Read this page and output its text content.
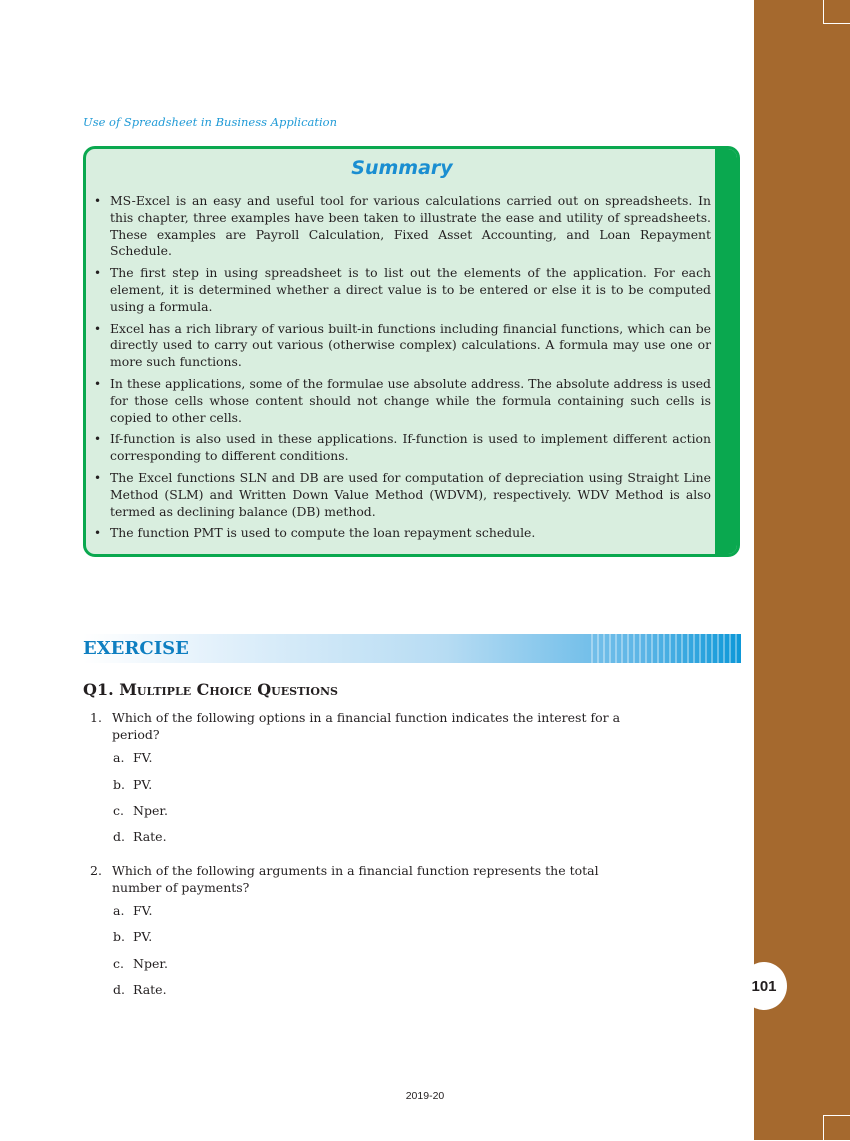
101
Use of Spreadsheet in Business Application
Summary
• MS-Excel is an easy and useful tool for various calculations carried out on spreadsheets. In this chapter, three examples have been taken to illustrate the ease and utility of spreadsheets. These examples are Payroll Calculation, Fixed Asset Accounting, and Loan Repayment Schedule.
• The first step in using spreadsheet is to list out the elements of the application. For each element, it is determined whether a direct value is to be entered or else it is to be computed using a formula.
• Excel has a rich library of various built-in functions including financial functions, which can be directly used to carry out various (otherwise complex) calculations. A formula may use one or more such functions.
• In these applications, some of the formulae use absolute address. The absolute address is used for those cells whose content should not change while the formula containing such cells is copied to other cells.
• If-function is also used in these applications. If-function is used to implement different action corresponding to different conditions.
• The Excel functions SLN and DB are used for computation of depreciation using Straight Line Method (SLM) and Written Down Value Method (WDVM), respectively. WDV Method is also termed as declining balance (DB) method.
• The function PMT is used to compute the loan repayment schedule.
EXERCISE
Q1. Multiple Choice Questions
1. Which of the following options in a financial function indicates the interest for a period?
a. FV.
b. PV.
c. Nper.
d. Rate.
2. Which of the following arguments in a financial function represents the total number of payments?
a. FV.
b. PV.
c. Nper.
d. Rate.
2019-20
